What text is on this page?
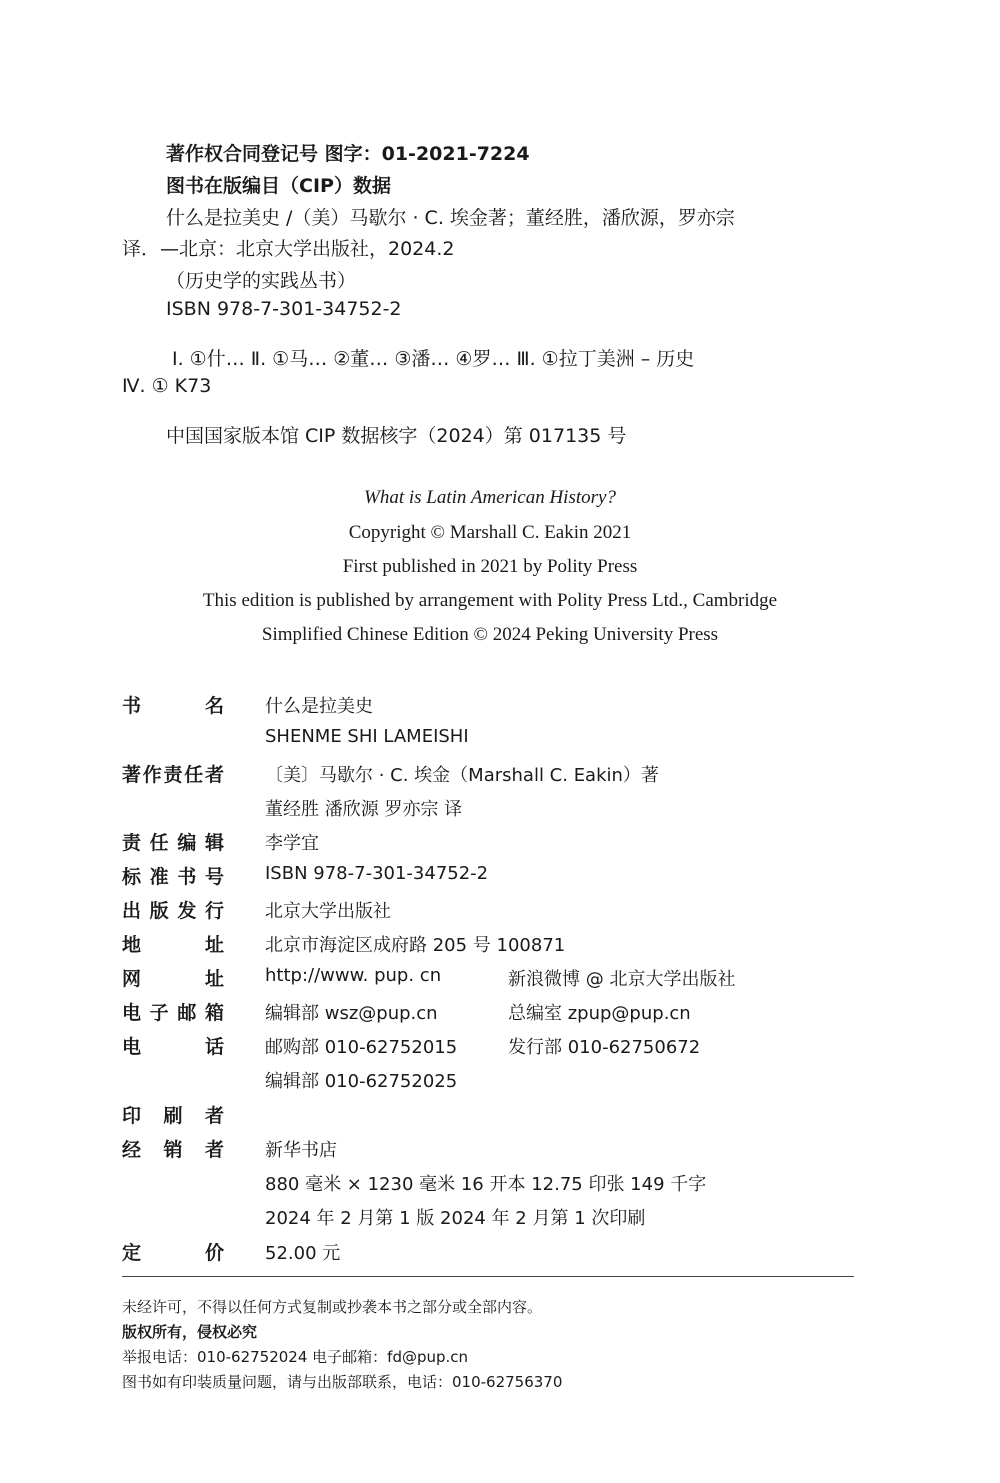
著作权合同登记号 图字：01-2021-7224
图书在版编目（CIP）数据
什么是拉美史 /（美）马歇尔 · C. 埃金著；董经胜，潘欣源，罗亦宗
译．—北京：北京大学出版社，2024.2
（历史学的实践丛书）
ISBN 978-7-301-34752-2
Ⅰ. ①什… Ⅱ. ①马… ②董… ③潘… ④罗… Ⅲ. ①拉丁美洲 – 历史
Ⅳ. ① K73
中国国家版本馆 CIP 数据核字（2024）第 017135 号
What is Latin American History?
Copyright © Marshall C. Eakin 2021
First published in 2021 by Polity Press
This edition is published by arrangement with Polity Press Ltd., Cambridge
Simplified Chinese Edition © 2024 Peking University Press
书名 什么是拉美史
SHENME SHI LAMEISHI
著作责任者 〔美〕马歇尔 · C. 埃金（Marshall C. Eakin）著
董经胜 潘欣源 罗亦宗 译
责任编辑 李学宜
标准书号 ISBN 978-7-301-34752-2
出版发行 北京大学出版社
地址 北京市海淀区成府路 205 号 100871
网址 http://www. pup. cn	新浪微博 @ 北京大学出版社
电子邮箱 编辑部 wsz@pup.cn	总编室 zpup@pup.cn
电话 邮购部 010-62752015	发行部 010-62750672
编辑部 010-62752025
印刷者
经销者 新华书店
880 毫米 × 1230 毫米 16 开本 12.75 印张 149 千字
2024 年 2 月第 1 版 2024 年 2 月第 1 次印刷
定价 52.00 元
未经许可，不得以任何方式复制或抄袭本书之部分或全部内容。
版权所有，侵权必究
举报电话：010-62752024 电子邮箱：fd@pup.cn
图书如有印装质量问题，请与出版部联系，电话：010-62756370
